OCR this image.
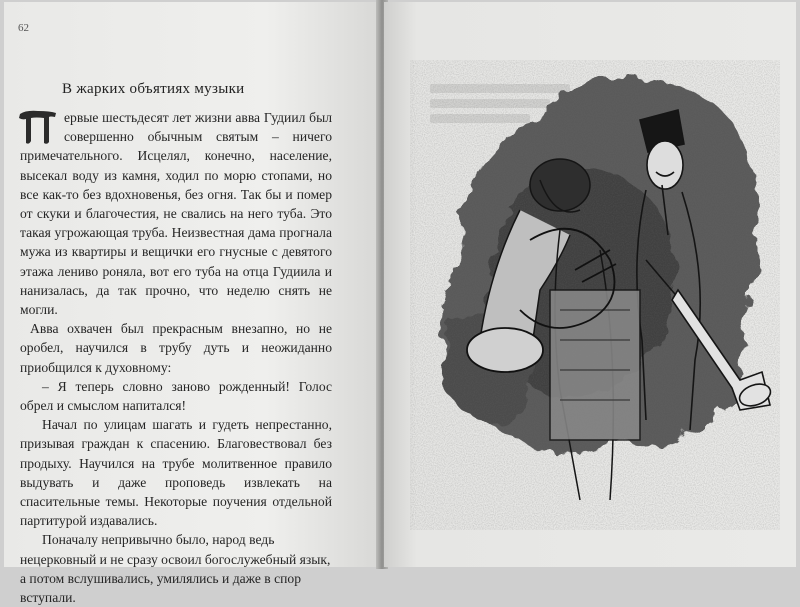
62
В жарких объятиях музыки

ервые шестьдесят лет жизни авва Гудиил был совершенно обычным святым – ничего примечательного. Исцелял, конечно, население, высекал воду из камня, ходил по морю стопами, но все как-то без вдохновенья, без огня. Так бы и помер от скуки и благочестия, не свались на него туба. Это такая угрожающая труба. Неизвестная дама прогнала мужа из квартиры и вещички его гнусные с девятого этажа лениво роняла, вот его туба на отца Гудиила и нанизалась, да так прочно, что неделю снять не могли.

Авва охвачен был прекрасным внезапно, но не оробел, научился в трубу дуть и неожиданно приобщился к духовному:

– Я теперь словно заново рожденный! Голос обрел и смыслом напитался!

Начал по улицам шагать и гудеть непрестанно, призывая граждан к спасению. Благовествовал без продыху. Научился на трубе молитвенное правило выдувать и даже проповедь извлекать на спасительные темы. Некоторые поучения отдельной партитурой издавались.

Поначалу непривычно было, народ ведь нецерковный и не сразу освоил богослужебный язык, а потом вслушивались, умилялись и даже в спор вступали.
